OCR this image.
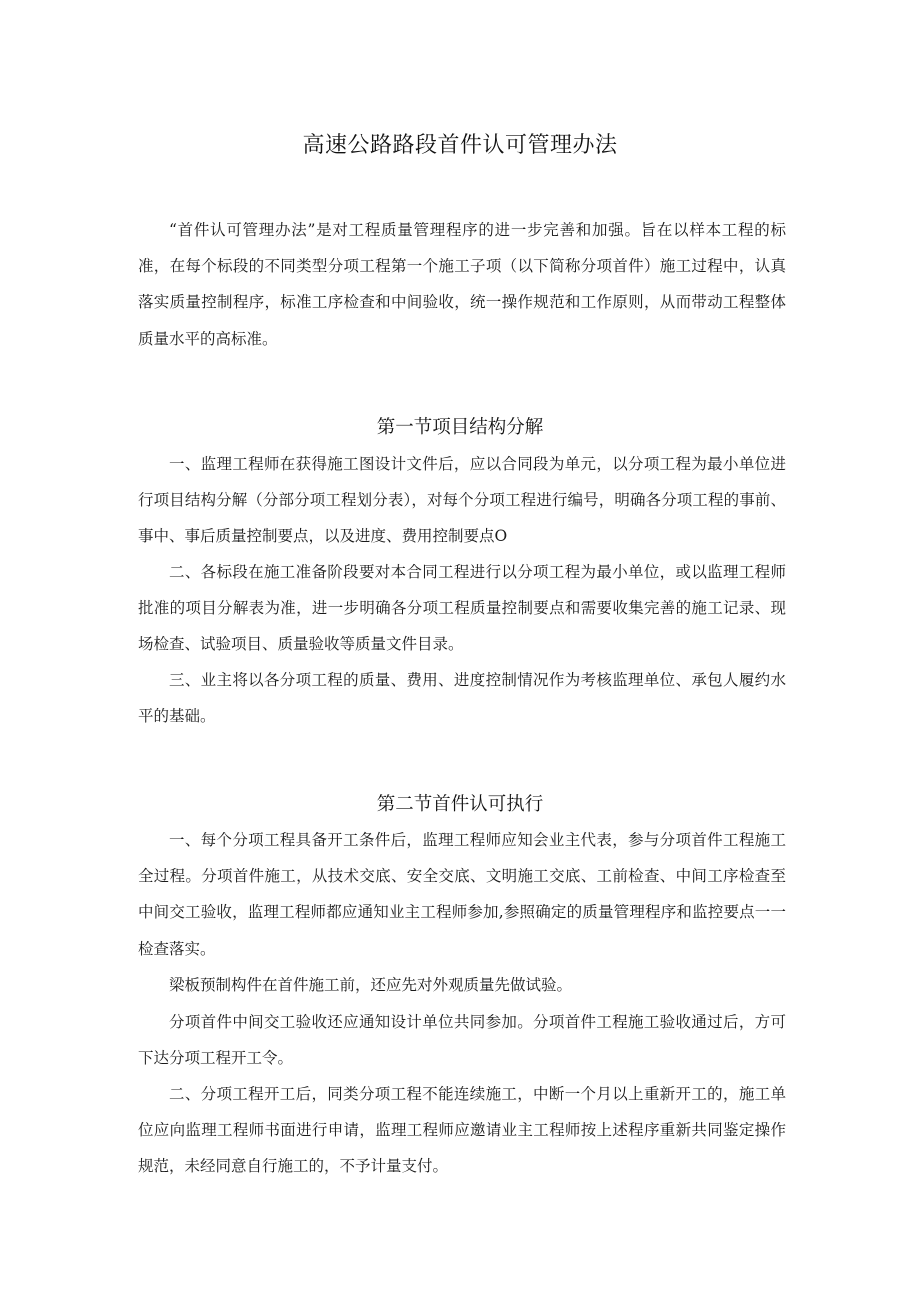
高速公路路段首件认可管理办法

“首件认可管理办法”是对工程质量管理程序的进一步完善和加强。旨在以样本工程的标准，在每个标段的不同类型分项工程第一个施工子项（以下简称分项首件）施工过程中，认真落实质量控制程序，标准工序检查和中间验收，统一操作规范和工作原则，从而带动工程整体质量水平的高标准。

第一节项目结构分解

一、监理工程师在获得施工图设计文件后，应以合同段为单元，以分项工程为最小单位进行项目结构分解（分部分项工程划分表），对每个分项工程进行编号，明确各分项工程的事前、事中、事后质量控制要点，以及进度、费用控制要点O

二、各标段在施工准备阶段要对本合同工程进行以分项工程为最小单位，或以监理工程师批准的项目分解表为准，进一步明确各分项工程质量控制要点和需要收集完善的施工记录、现场检查、试验项目、质量验收等质量文件目录。

三、业主将以各分项工程的质量、费用、进度控制情况作为考核监理单位、承包人履约水平的基础。

第二节首件认可执行

一、每个分项工程具备开工条件后，监理工程师应知会业主代表，参与分项首件工程施工全过程。分项首件施工，从技术交底、安全交底、文明施工交底、工前检查、中间工序检查至中间交工验收，监理工程师都应通知业主工程师参加,参照确定的质量管理程序和监控要点一一检查落实。

梁板预制构件在首件施工前，还应先对外观质量先做试验。

分项首件中间交工验收还应通知设计单位共同参加。分项首件工程施工验收通过后，方可下达分项工程开工令。

二、分项工程开工后，同类分项工程不能连续施工，中断一个月以上重新开工的，施工单位应向监理工程师书面进行申请，监理工程师应邀请业主工程师按上述程序重新共同鉴定操作规范，未经同意自行施工的，不予计量支付。
